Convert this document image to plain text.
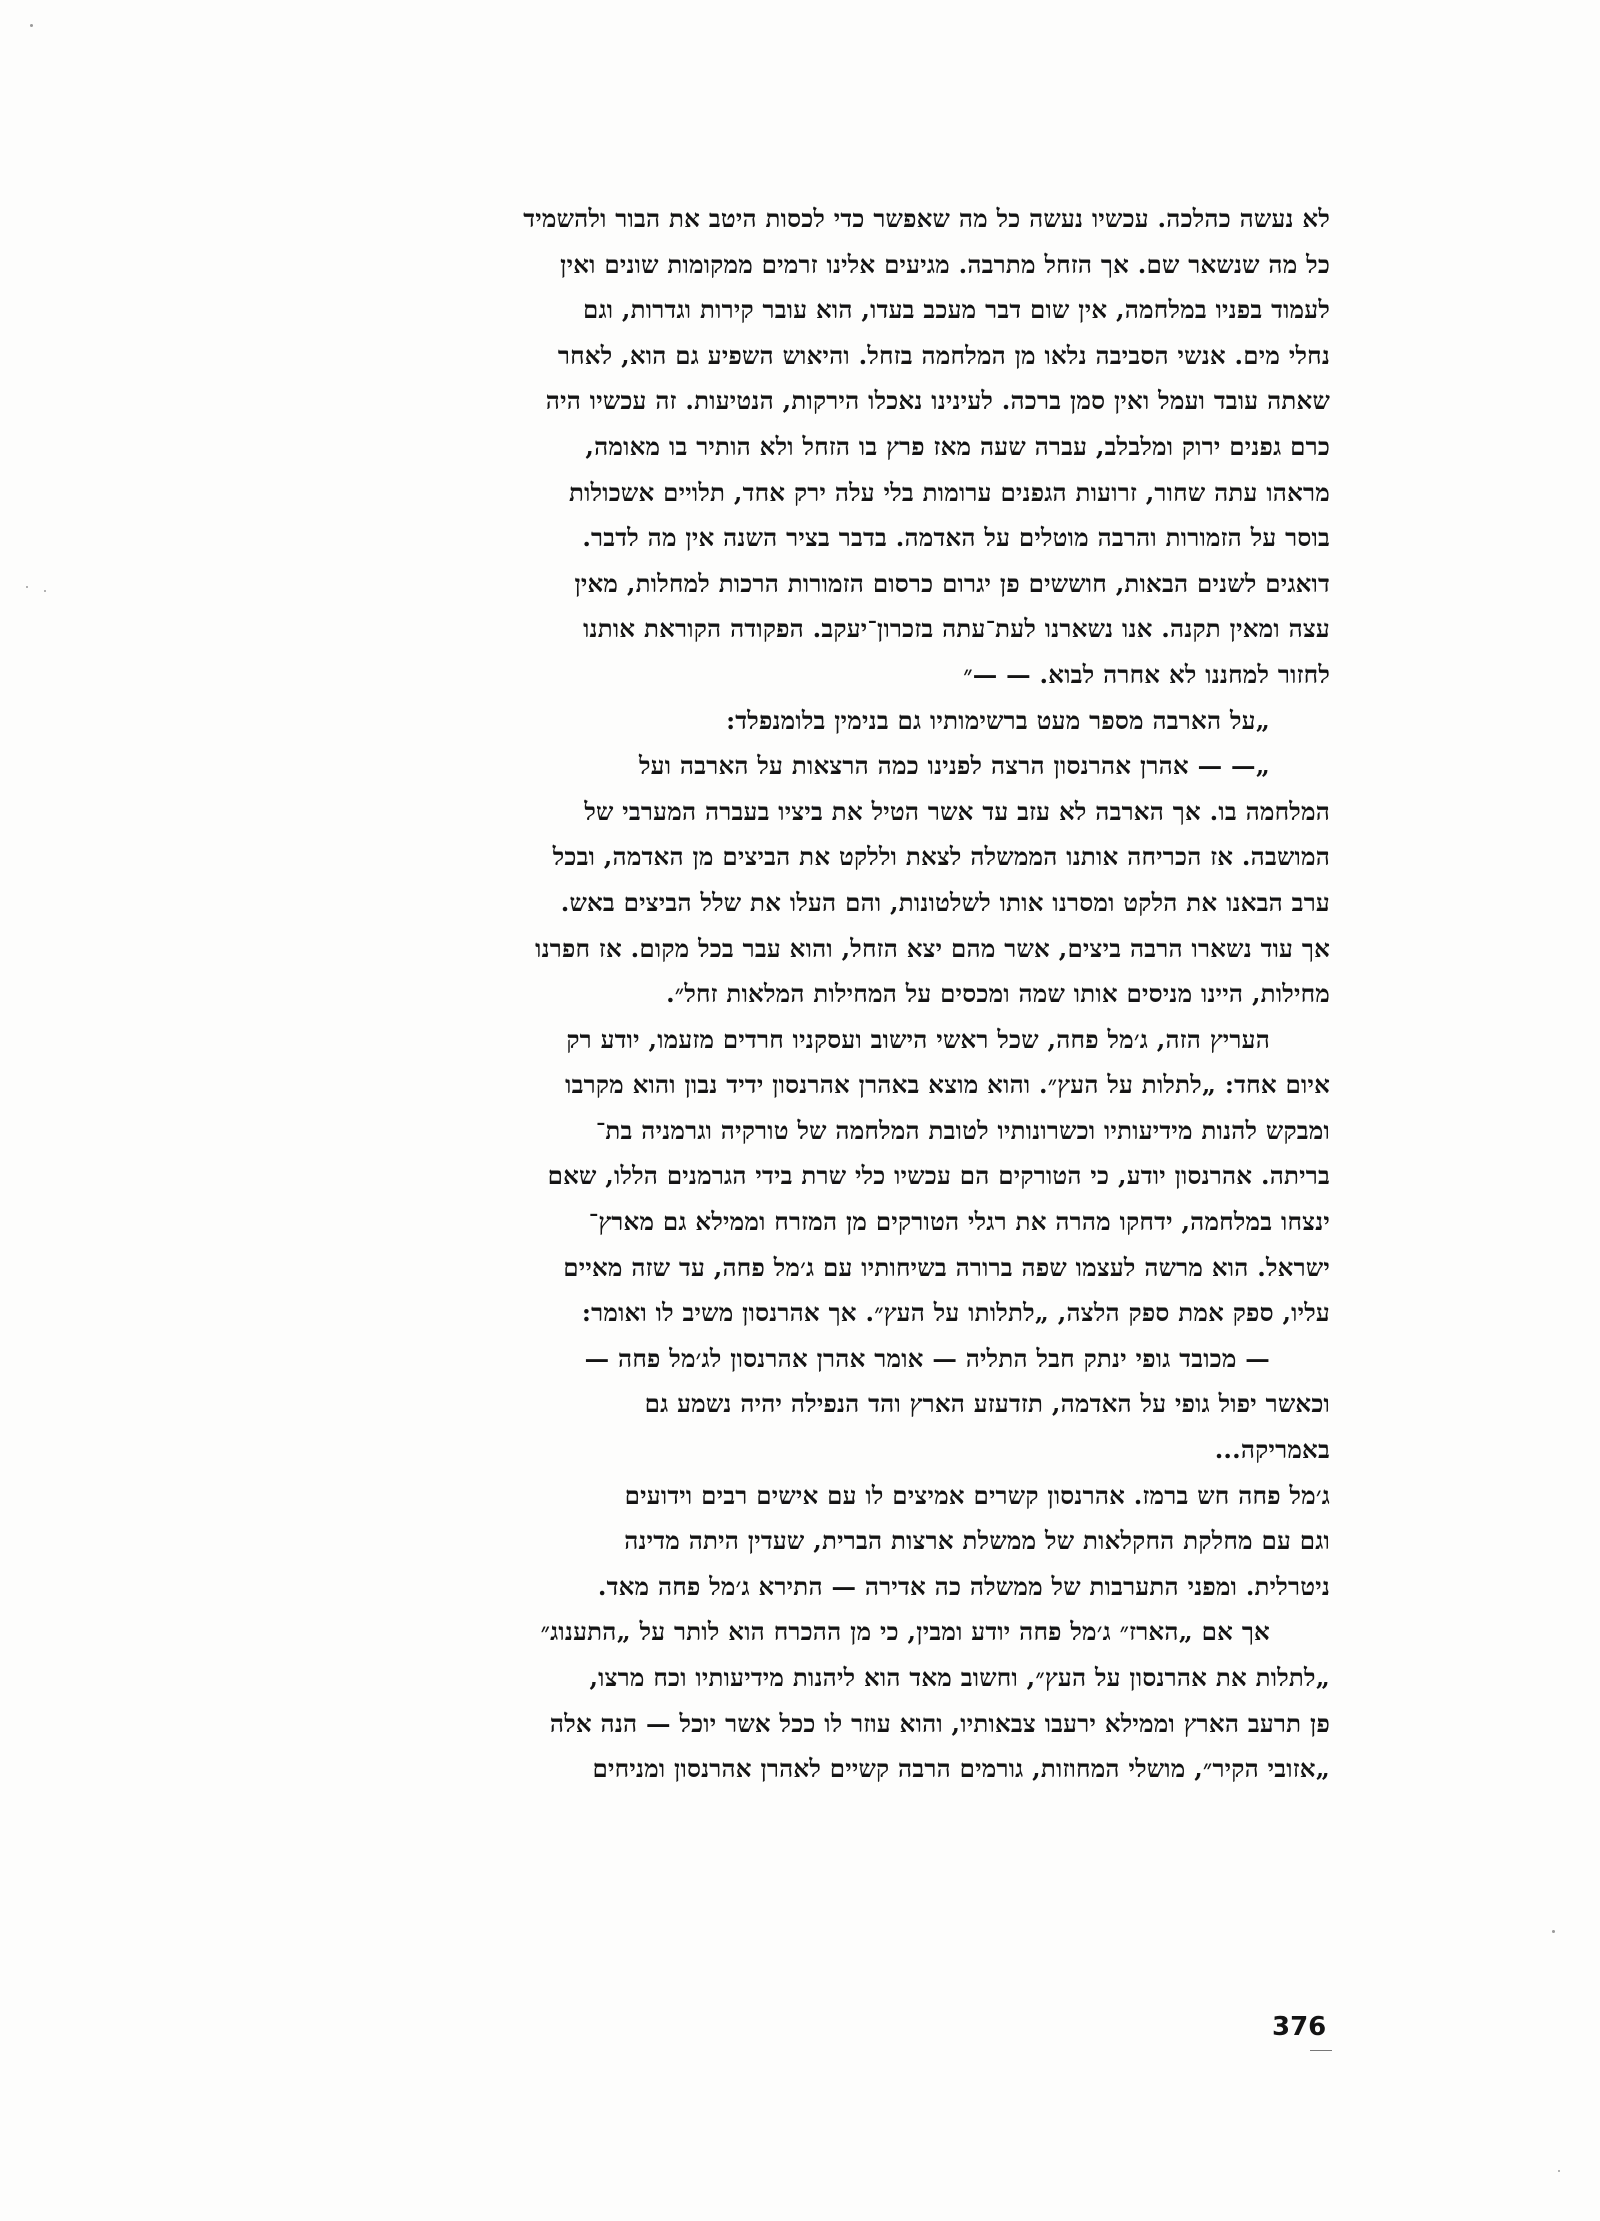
לא נעשה כהלכה. עכשיו נעשה כל מה שאפשר כדי לכסות היטב את הבור ולהשמיד
כל מה שנשאר שם. אך הזחל מתרבה. מגיעים אלינו זרמים ממקומות שונים ואין
לעמוד בפניו במלחמה, אין שום דבר מעכב בעדו, הוא עובר קירות וגדרות, וגם
נחלי מים. אנשי הסביבה נלאו מן המלחמה בזחל. והיאוש השפיע גם הוא, לאחר
שאתה עובד ועמל ואין סמן ברכה. לעינינו נאכלו הירקות, הנטיעות. זה עכשיו היה
כרם גפנים ירוק ומלבלב, עברה שעה מאז פרץ בו הזחל ולא הותיר בו מאומה,
מראהו עתה שחור, זרועות הגפנים ערומות בלי עלה ירק אחד, תלויים אשכולות
בוסר על הזמורות והרבה מוטלים על האדמה. בדבר בציר השנה אין מה לדבר.
דואגים לשנים הבאות, חוששים פן יגרום כרסום הזמורות הרכות למחלות, מאין
עצה ומאין תקנה. אנו נשארנו לעת־עתה בזכרון־יעקב. הפקודה הקוראת אותנו
לחזור למחננו לא אחרה לבוא. — —״
„על הארבה מספר מעט ברשימותיו גם בנימין בלומנפלד:
„— — אהרן אהרנסון הרצה לפנינו כמה הרצאות על הארבה ועל
המלחמה בו. אך הארבה לא עזב עד אשר הטיל את ביציו בעברה המערבי של
המושבה. אז הכריחה אותנו הממשלה לצאת וללקט את הביצים מן האדמה, ובכל
ערב הבאנו את הלקט ומסרנו אותו לשלטונות, והם העלו את שלל הביצים באש.
אך עוד נשארו הרבה ביצים, אשר מהם יצא הזחל, והוא עבר בכל מקום. אז חפרנו
מחילות, היינו מניסים אותו שמה ומכסים על המחילות המלאות זחל״.
העריץ הזה, ג׳מל פחה, שכל ראשי הישוב ועסקניו חרדים מזעמו, יודע רק
איום אחד: „לתלות על העץ״. והוא מוצא באהרן אהרנסון ידיד נבון והוא מקרבו
ומבקש להנות מידיעותיו וכשרונותיו לטובת המלחמה של טורקיה וגרמניה בת־
בריתה. אהרנסון יודע, כי הטורקים הם עכשיו כלי שרת בידי הגרמנים הללו, שאם
ינצחו במלחמה, ידחקו מהרה את רגלי הטורקים מן המזרח וממילא גם מארץ־
ישראל. הוא מרשה לעצמו שפה ברורה בשיחותיו עם ג׳מל פחה, עד שזה מאיים
עליו, ספק אמת ספק הלצה, „לתלותו על העץ״. אך אהרנסון משיב לו ואומר:
— מכובד גופי ינתק חבל התליה — אומר אהרן אהרנסון לג׳מל פחה —
וכאשר יפול גופי על האדמה, תזדעזע הארץ והד הנפילה יהיה נשמע גם
באמריקה...
ג׳מל פחה חש ברמז. אהרנסון קשרים אמיצים לו עם אישים רבים וידועים
וגם עם מחלקת החקלאות של ממשלת ארצות הברית, שעדין היתה מדינה
ניטרלית. ומפני התערבות של ממשלה כה אדירה — התירא ג׳מל פחה מאד.
אך אם „הארז״ ג׳מל פחה יודע ומבין, כי מן ההכרח הוא לותר על „התענוג״
„לתלות את אהרנסון על העץ״, וחשוב מאד הוא ליהנות מידיעותיו וכח מרצו,
פן תרעב הארץ וממילא ירעבו צבאותיו, והוא עוזר לו ככל אשר יוכל — הנה אלה
„אזובי הקיר״, מושלי המחוזות, גורמים הרבה קשיים לאהרן אהרנסון ומניחים
376
